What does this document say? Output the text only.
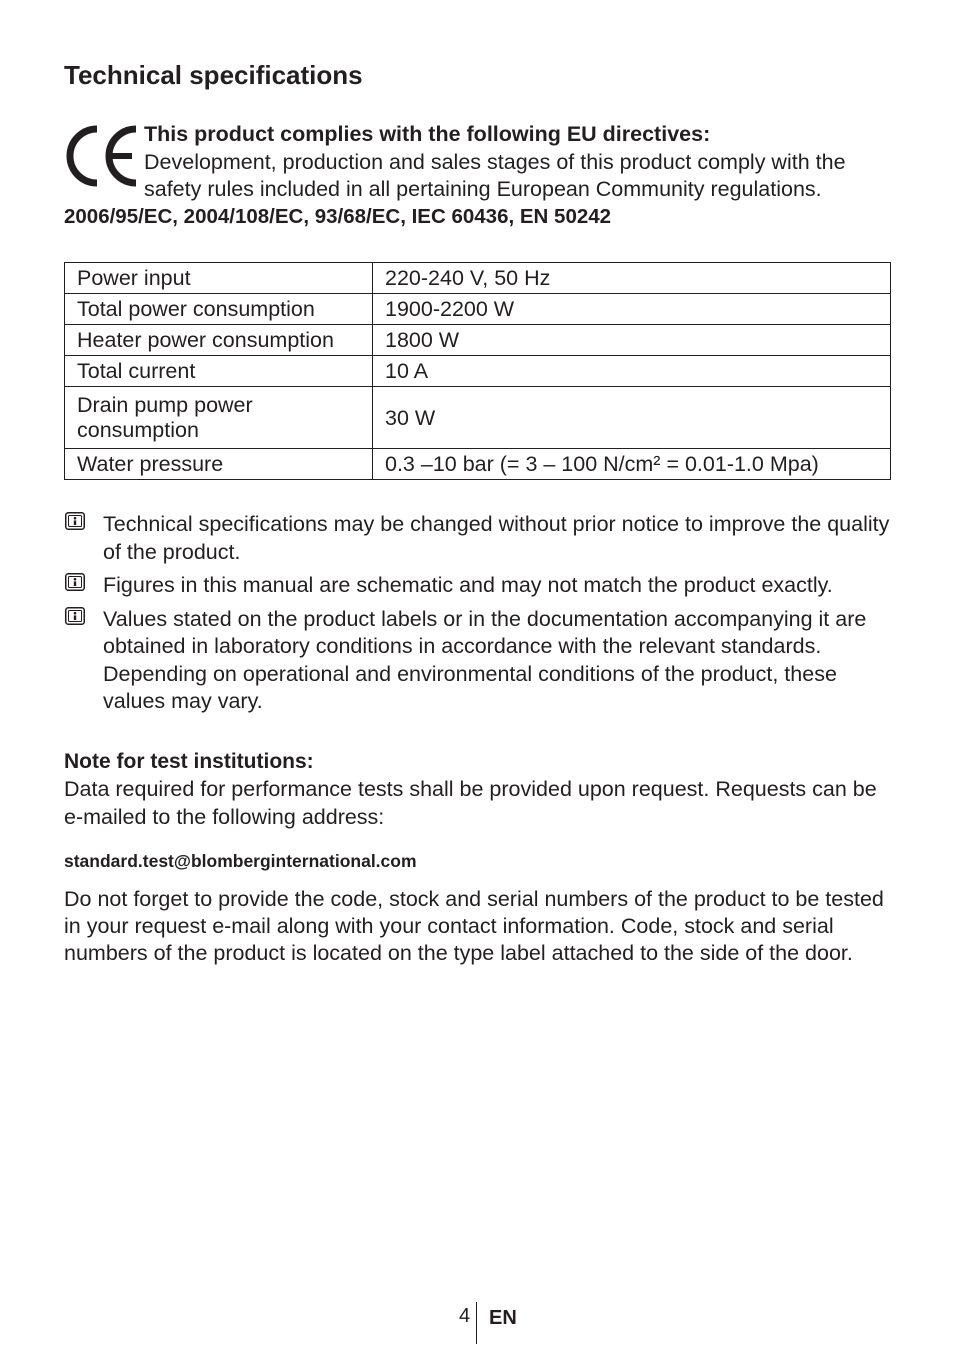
Technical specifications
This product complies with the following EU directives:
Development, production and sales stages of this product comply with the safety rules included in all pertaining European Community regulations.
2006/95/EC, 2004/108/EC, 93/68/EC, IEC 60436, EN 50242
Power input	220-240 V, 50 Hz
Total power consumption	1900-2200 W
Heater power consumption	1800 W
Total current	10 A
Drain pump power consumption	30 W
Water pressure	0.3 –10 bar (= 3 – 100 N/cm² = 0.01-1.0 Mpa)
Technical specifications may be changed without prior notice to improve the quality of the product.
Figures in this manual are schematic and may not match the product exactly.
Values stated on the product labels or in the documentation accompanying it are obtained in laboratory conditions in accordance with the relevant standards. Depending on operational and environmental conditions of the product, these values may vary.
Note for test institutions:
Data required for performance tests shall be provided upon request. Requests can be e-mailed to the following address:
standard.test@blomberginternational.com
Do not forget to provide the code, stock and serial numbers of the product to be tested in your request e-mail along with your contact information. Code, stock and serial numbers of the product is located on the type label attached to the side of the door.
4 EN
